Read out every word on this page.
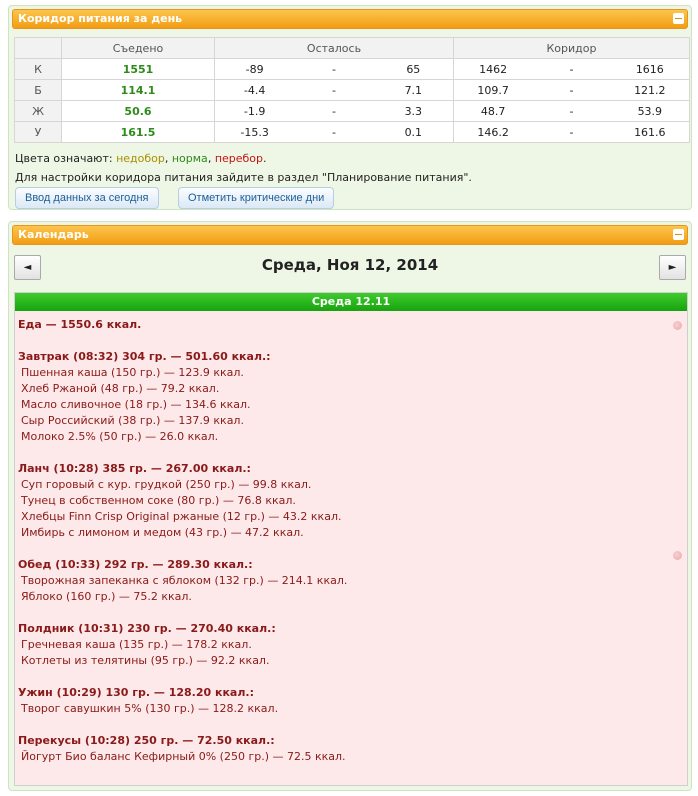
Коридор питания за день
	Съедено	Осталось	Коридор
К	1551	-89 - 65	1462 - 1616

Б	114.1	-4.4 - 7.1	109.7 - 121.2

Ж	50.6	-1.9 - 3.3	48.7 - 53.9

У	161.5	-15.3 - 0.1	146.2 - 161.6
Цвета означают: недобор, норма, перебор.
Для настройки коридора питания зайдите в раздел "Планирование питания".
Ввод данных за сегодня	Отметить критические дни
Календарь
◄	Среда, Ноя 12, 2014	►
Среда 12.11
Еда — 1550.6 ккал.
Завтрак (08:32) 304 гр. — 501.60 ккал.:
Пшенная каша (150 гр.) — 123.9 ккал.
Хлеб Ржаной (48 гр.) — 79.2 ккал.
Масло сливочное (18 гр.) — 134.6 ккал.
Сыр Российский (38 гр.) — 137.9 ккал.
Молоко 2.5% (50 гр.) — 26.0 ккал.
Ланч (10:28) 385 гр. — 267.00 ккал.:
Суп горовый с кур. грудкой (250 гр.) — 99.8 ккал.
Тунец в собственном соке (80 гр.) — 76.8 ккал.
Хлебцы Finn Crisp Original ржаные (12 гр.) — 43.2 ккал.
Имбирь с лимоном и медом (43 гр.) — 47.2 ккал.
Обед (10:33) 292 гр. — 289.30 ккал.:
Творожная запеканка с яблоком (132 гр.) — 214.1 ккал.
Яблоко (160 гр.) — 75.2 ккал.
Полдник (10:31) 230 гр. — 270.40 ккал.:
Гречневая каша (135 гр.) — 178.2 ккал.
Котлеты из телятины (95 гр.) — 92.2 ккал.
Ужин (10:29) 130 гр. — 128.20 ккал.:
Творог савушкин 5% (130 гр.) — 128.2 ккал.
Перекусы (10:28) 250 гр. — 72.50 ккал.:
Йогурт Био баланс Кефирный 0% (250 гр.) — 72.5 ккал.
